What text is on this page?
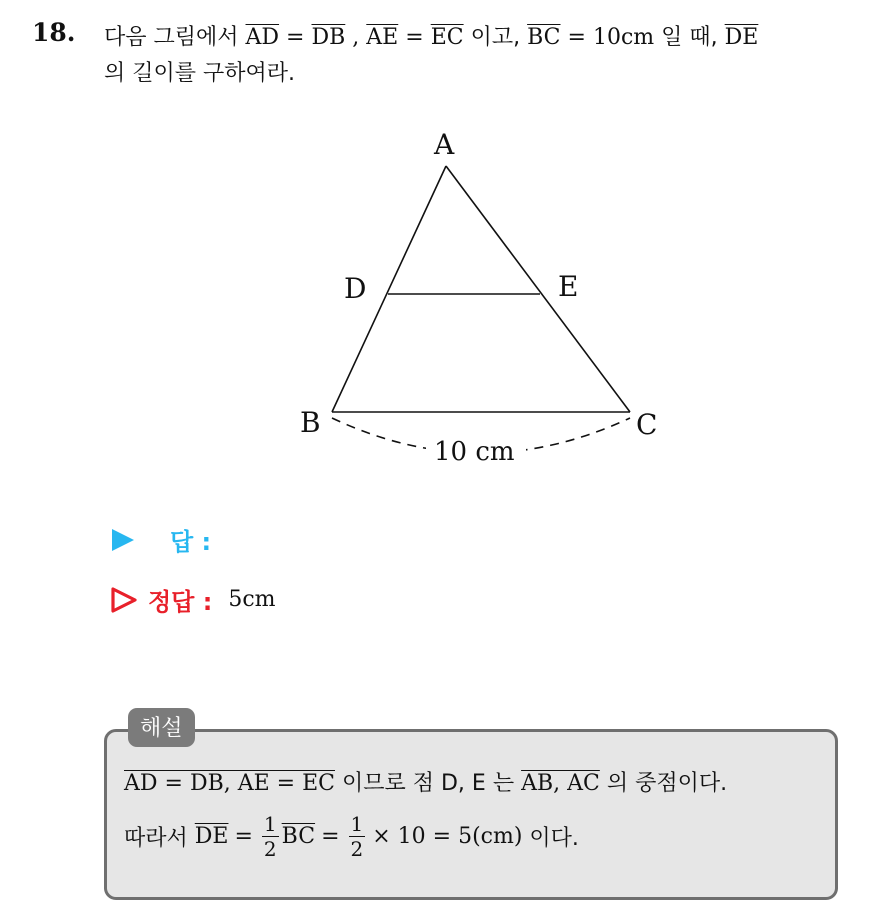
18. 다음 그림에서 $\overline{AD} = \overline{DB}$ , $\overline{AE} = \overline{EC}$ 이고, $\overline{BC} = 10cm$ 일 때, $\overline{DE}$
의 길이를 구하여라.
A
D	E
B	C
10 cm
답 :
정답 : 5cm
해설
AD = DB, AE = EC 이므로 점 D, E 는 AB, AC 의 중점이다.
따라서
$\overline{DE} = \frac{1}{2} \overline{BC} = \frac{1}{2} \times 10 = 5(cm)$
이다.
